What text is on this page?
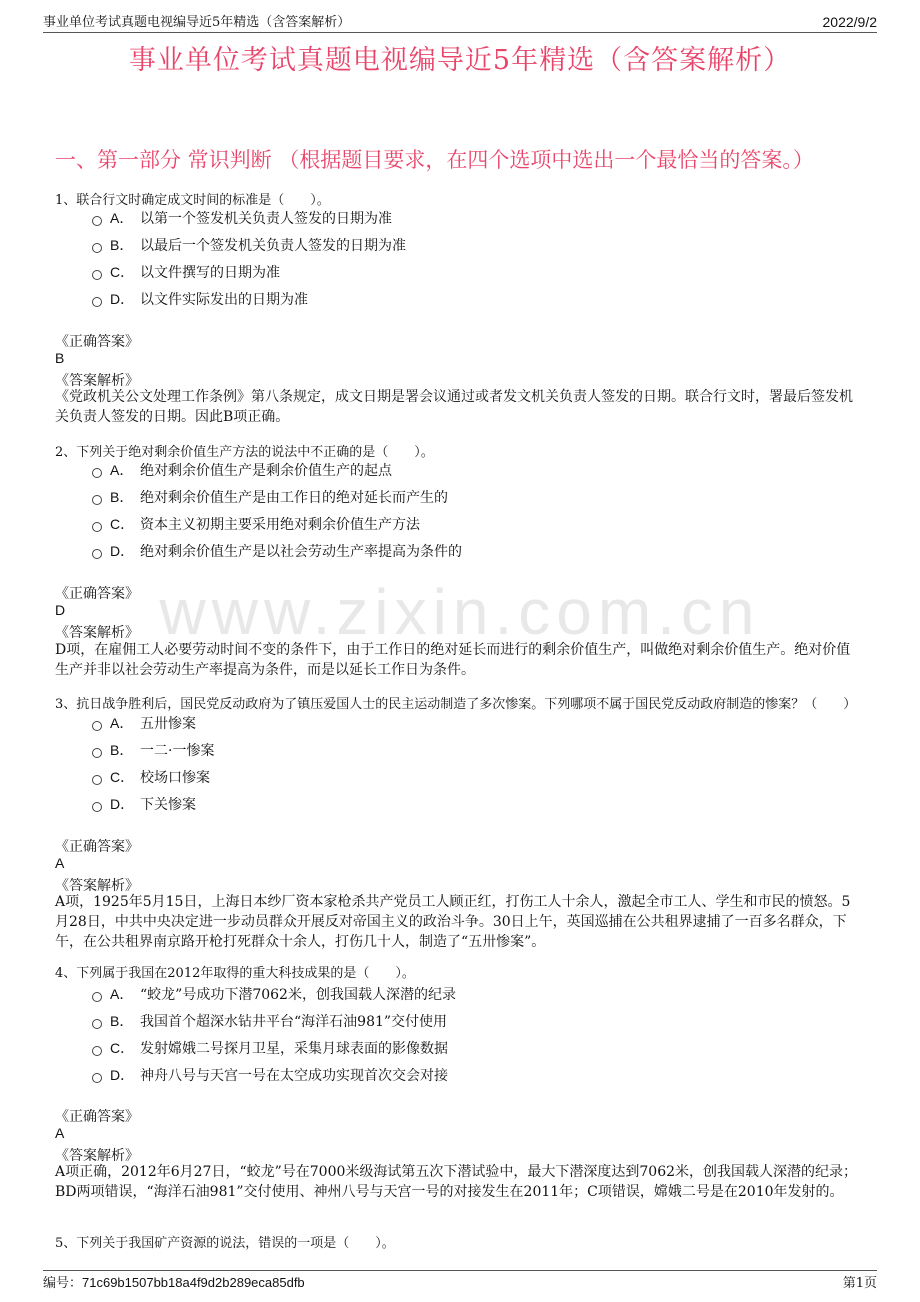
事业单位考试真题电视编导近5年精选（含答案解析）	2022/9/2
www.zixin.com.cn
事业单位考试真题电视编导近5年精选（含答案解析）
一、第一部分 常识判断 （根据题目要求，在四个选项中选出一个最恰当的答案。）
1、联合行文时确定成文时间的标准是（　　）。
A． 以第一个签发机关负责人签发的日期为准
B． 以最后一个签发机关负责人签发的日期为准
C． 以文件撰写的日期为准
D． 以文件实际发出的日期为准
《正确答案》
B
《答案解析》
《党政机关公文处理工作条例》第八条规定，成文日期是署会议通过或者发文机关负责人签发的日期。联合行文时，署最后签发机关负责人签发的日期。因此B项正确。
2、下列关于绝对剩余价值生产方法的说法中不正确的是（　　）。
A． 绝对剩余价值生产是剩余价值生产的起点
B． 绝对剩余价值生产是由工作日的绝对延长而产生的
C． 资本主义初期主要采用绝对剩余价值生产方法
D． 绝对剩余价值生产是以社会劳动生产率提高为条件的
《正确答案》
D
《答案解析》
D项，在雇佣工人必要劳动时间不变的条件下，由于工作日的绝对延长而进行的剩余价值生产，叫做绝对剩余价值生产。绝对价值生产并非以社会劳动生产率提高为条件，而是以延长工作日为条件。
3、抗日战争胜利后，国民党反动政府为了镇压爱国人士的民主运动制造了多次惨案。下列哪项不属于国民党反动政府制造的惨案？（　　）
A． 五卅惨案
B． 一二·一惨案
C． 校场口惨案
D． 下关惨案
《正确答案》
A
《答案解析》
A项，1925年5月15日，上海日本纱厂资本家枪杀共产党员工人顾正红，打伤工人十余人，激起全市工人、学生和市民的愤怒。5月28日，中共中央决定进一步动员群众开展反对帝国主义的政治斗争。30日上午，英国巡捕在公共租界逮捕了一百多名群众，下午，在公共租界南京路开枪打死群众十余人，打伤几十人，制造了“五卅惨案”。
4、下列属于我国在2012年取得的重大科技成果的是（　　）。
A． “蛟龙”号成功下潜7062米，创我国载人深潜的纪录
B． 我国首个超深水钻井平台“海洋石油981”交付使用
C． 发射嫦娥二号探月卫星，采集月球表面的影像数据
D． 神舟八号与天宫一号在太空成功实现首次交会对接
《正确答案》
A
《答案解析》
A项正确，2012年6月27日，“蛟龙”号在7000米级海试第五次下潜试验中，最大下潜深度达到7062米，创我国载人深潜的纪录；BD两项错误，“海洋石油981”交付使用、神州八号与天宫一号的对接发生在2011年；C项错误，嫦娥二号是在2010年发射的。
5、下列关于我国矿产资源的说法，错误的一项是（　　）。
编号：71c69b1507bb18a4f9d2b289eca85dfb	第1页
